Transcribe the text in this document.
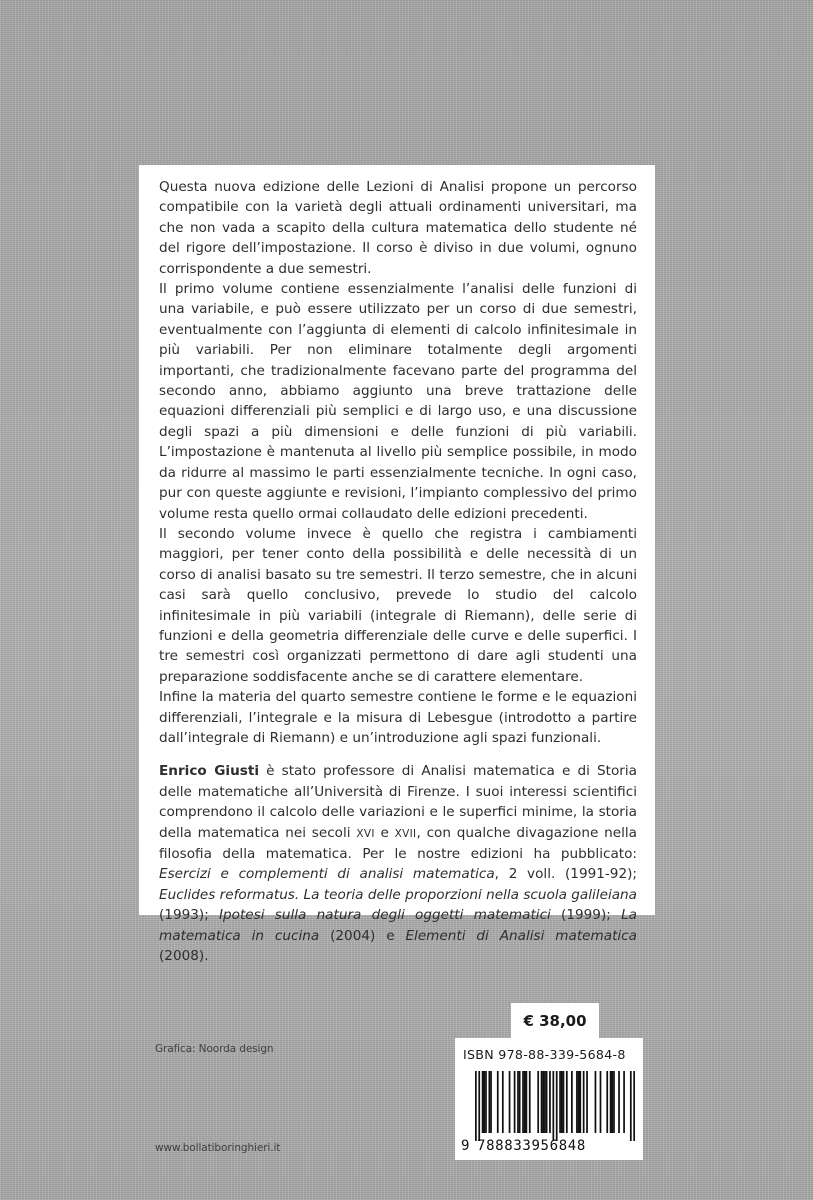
Questa nuova edizione delle Lezioni di Analisi propone un percorso compatibile con la varietà degli attuali ordinamenti universitari, ma che non vada a scapito della cultura matematica dello studente né del rigore dell’impostazione. Il corso è diviso in due volumi, ognuno corrispondente a due semestri.

Il primo volume contiene essenzialmente l’analisi delle funzioni di una variabile, e può essere utilizzato per un corso di due semestri, eventualmente con l’aggiunta di elementi di calcolo infinitesimale in più variabili. Per non eliminare totalmente degli argomenti importanti, che tradizionalmente facevano parte del programma del secondo anno, abbiamo aggiunto una breve trattazione delle equazioni differenziali più semplici e di largo uso, e una discussione degli spazi a più dimensioni e delle funzioni di più variabili. L’impostazione è mantenuta al livello più semplice possibile, in modo da ridurre al massimo le parti essenzialmente tecniche. In ogni caso, pur con queste aggiunte e revisioni, l’impianto complessivo del primo volume resta quello ormai collaudato delle edizioni precedenti.

Il secondo volume invece è quello che registra i cambiamenti maggiori, per tener conto della possibilità e delle necessità di un corso di analisi basato su tre semestri. Il terzo semestre, che in alcuni casi sarà quello conclusivo, prevede lo studio del calcolo infinitesimale in più variabili (integrale di Riemann), delle serie di funzioni e della geometria differenziale delle curve e delle superfici. I tre semestri così organizzati permettono di dare agli studenti una preparazione soddisfacente anche se di carattere elementare.

Infine la materia del quarto semestre contiene le forme e le equazioni differenziali, l’integrale e la misura di Lebesgue (introdotto a partire dall’integrale di Riemann) e un’introduzione agli spazi funzionali.

Enrico Giusti è stato professore di Analisi matematica e di Storia delle matematiche all’Università di Firenze. I suoi interessi scientifici comprendono il calcolo delle variazioni e le superfici minime, la storia della matematica nei secoli XVI e XVII, con qualche divagazione nella filosofia della matematica. Per le nostre edizioni ha pubblicato: Esercizi e complementi di analisi matematica, 2 voll. (1991-92); Euclides reformatus. La teoria delle proporzioni nella scuola galileiana (1993); Ipotesi sulla natura degli oggetti matematici (1999); La matematica in cucina (2004) e Elementi di Analisi matematica (2008).

Grafica: Noorda design
www.bollatiboringhieri.it
€ 38,00
ISBN 978-88-339-5684-8
9 788833956848
